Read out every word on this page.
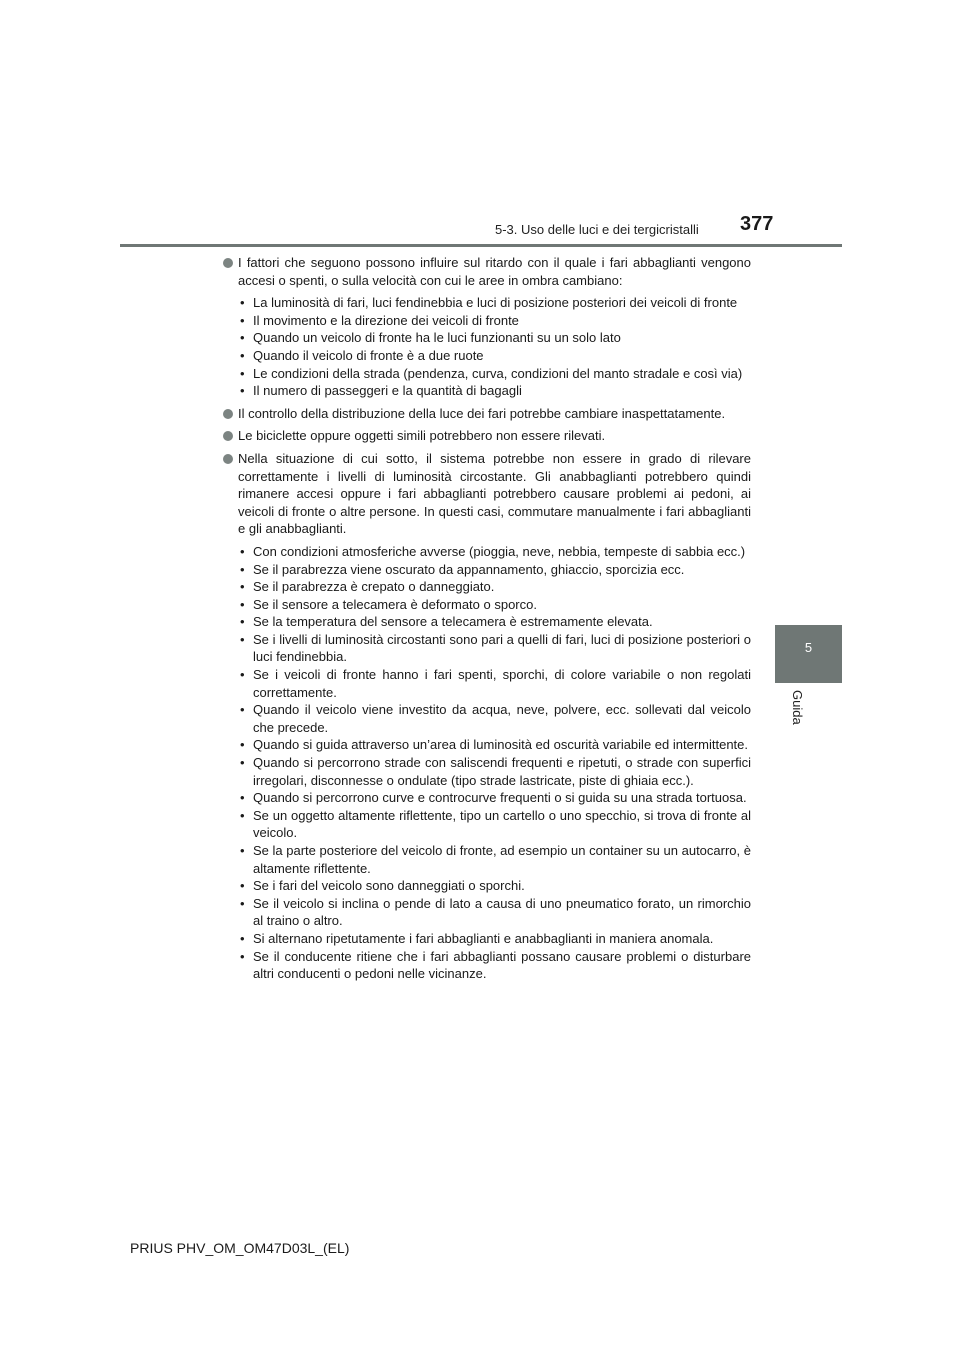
5-3. Uso delle luci e dei tergicristalli 377
5
Guida

I fattori che seguono possono influire sul ritardo con il quale i fari abbaglianti vengono accesi o spenti, o sulla velocità con cui le aree in ombra cambiano:

• La luminosità di fari, luci fendinebbia e luci di posizione posteriori dei veicoli di fronte
• Il movimento e la direzione dei veicoli di fronte
• Quando un veicolo di fronte ha le luci funzionanti su un solo lato
• Quando il veicolo di fronte è a due ruote
• Le condizioni della strada (pendenza, curva, condizioni del manto stradale e così via)
• Il numero di passeggeri e la quantità di bagagli

Il controllo della distribuzione della luce dei fari potrebbe cambiare inaspettatamente.

Le biciclette oppure oggetti simili potrebbero non essere rilevati.

Nella situazione di cui sotto, il sistema potrebbe non essere in grado di rilevare correttamente i livelli di luminosità circostante. Gli anabbaglianti potrebbero quindi rimanere accesi oppure i fari abbaglianti potrebbero causare problemi ai pedoni, ai veicoli di fronte o altre persone. In questi casi, commutare manualmente i fari abbaglianti e gli anabbaglianti.

• Con condizioni atmosferiche avverse (pioggia, neve, nebbia, tempeste di sabbia ecc.)
• Se il parabrezza viene oscurato da appannamento, ghiaccio, sporcizia ecc.
• Se il parabrezza è crepato o danneggiato.
• Se il sensore a telecamera è deformato o sporco.
• Se la temperatura del sensore a telecamera è estremamente elevata.
• Se i livelli di luminosità circostanti sono pari a quelli di fari, luci di posizione posteriori o luci fendinebbia.
• Se i veicoli di fronte hanno i fari spenti, sporchi, di colore variabile o non regolati correttamente.
• Quando il veicolo viene investito da acqua, neve, polvere, ecc. sollevati dal veicolo che precede.
• Quando si guida attraverso un’area di luminosità ed oscurità variabile ed intermittente.
• Quando si percorrono strade con saliscendi frequenti e ripetuti, o strade con superfici irregolari, disconnesse o ondulate (tipo strade lastricate, piste di ghiaia ecc.).
• Quando si percorrono curve e controcurve frequenti o si guida su una strada tortuosa.
• Se un oggetto altamente riflettente, tipo un cartello o uno specchio, si trova di fronte al veicolo.
• Se la parte posteriore del veicolo di fronte, ad esempio un container su un autocarro, è altamente riflettente.
• Se i fari del veicolo sono danneggiati o sporchi.
• Se il veicolo si inclina o pende di lato a causa di uno pneumatico forato, un rimorchio al traino o altro.
• Si alternano ripetutamente i fari abbaglianti e anabbaglianti in maniera anomala.
• Se il conducente ritiene che i fari abbaglianti possano causare problemi o disturbare altri conducenti o pedoni nelle vicinanze.
PRIUS PHV_OM_OM47D03L_(EL)
